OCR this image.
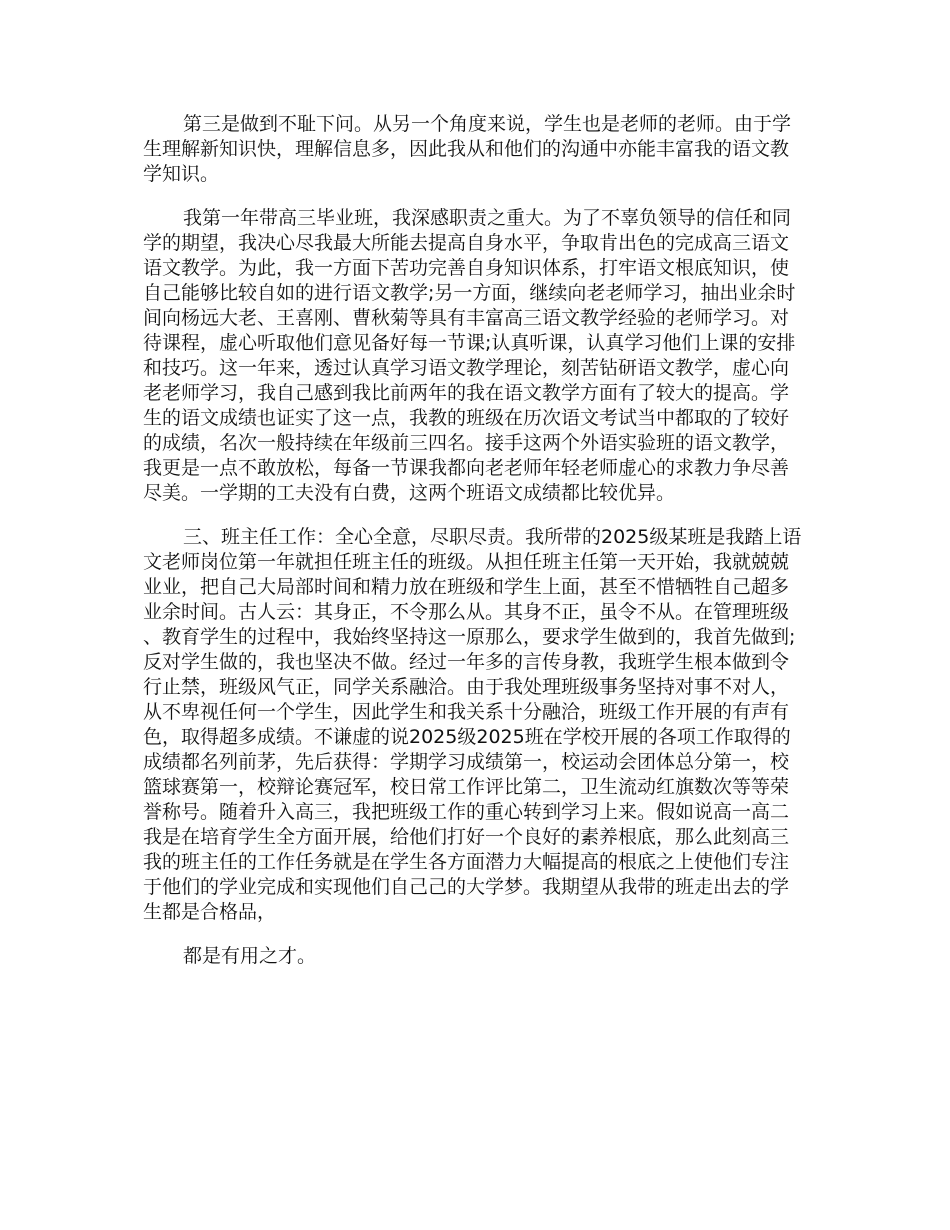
第三是做到不耻下问。从另一个角度来说，学生也是老师的老师。由于学生理解新知识快，理解信息多，因此我从和他们的沟通中亦能丰富我的语文教学知识。

我第一年带高三毕业班，我深感职责之重大。为了不辜负领导的信任和同学的期望，我决心尽我最大所能去提高自身水平，争取肯出色的完成高三语文语文教学。为此，我一方面下苦功完善自身知识体系，打牢语文根底知识，使自己能够比较自如的进行语文教学;另一方面，继续向老老师学习，抽出业余时间向杨远大老、王喜刚、曹秋菊等具有丰富高三语文教学经验的老师学习。对待课程，虚心听取他们意见备好每一节课;认真听课，认真学习他们上课的安排和技巧。这一年来，透过认真学习语文教学理论，刻苦钻研语文教学，虚心向老老师学习，我自己感到我比前两年的我在语文教学方面有了较大的提高。学生的语文成绩也证实了这一点，我教的班级在历次语文考试当中都取的了较好的成绩，名次一般持续在年级前三四名。接手这两个外语实验班的语文教学，我更是一点不敢放松，每备一节课我都向老老师年轻老师虚心的求教力争尽善尽美。一学期的工夫没有白费，这两个班语文成绩都比较优异。

三、班主任工作：全心全意，尽职尽责。我所带的2025级某班是我踏上语文老师岗位第一年就担任班主任的班级。从担任班主任第一天开始，我就兢兢业业，把自己大局部时间和精力放在班级和学生上面，甚至不惜牺牲自己超多业余时间。古人云：其身正，不令那么从。其身不正，虽令不从。在管理班级、教育学生的过程中，我始终坚持这一原那么，要求学生做到的，我首先做到;反对学生做的，我也坚决不做。经过一年多的言传身教，我班学生根本做到令行止禁，班级风气正，同学关系融洽。由于我处理班级事务坚持对事不对人，从不卑视任何一个学生，因此学生和我关系十分融洽，班级工作开展的有声有色，取得超多成绩。不谦虚的说2025级2025班在学校开展的各项工作取得的成绩都名列前茅，先后获得：学期学习成绩第一，校运动会团体总分第一，校篮球赛第一，校辩论赛冠军，校日常工作评比第二，卫生流动红旗数次等等荣誉称号。随着升入高三，我把班级工作的重心转到学习上来。假如说高一高二我是在培育学生全方面开展，给他们打好一个良好的素养根底，那么此刻高三我的班主任的工作任务就是在学生各方面潜力大幅提高的根底之上使他们专注于他们的学业完成和实现他们自己己的大学梦。我期望从我带的班走出去的学生都是合格品，

都是有用之才。
